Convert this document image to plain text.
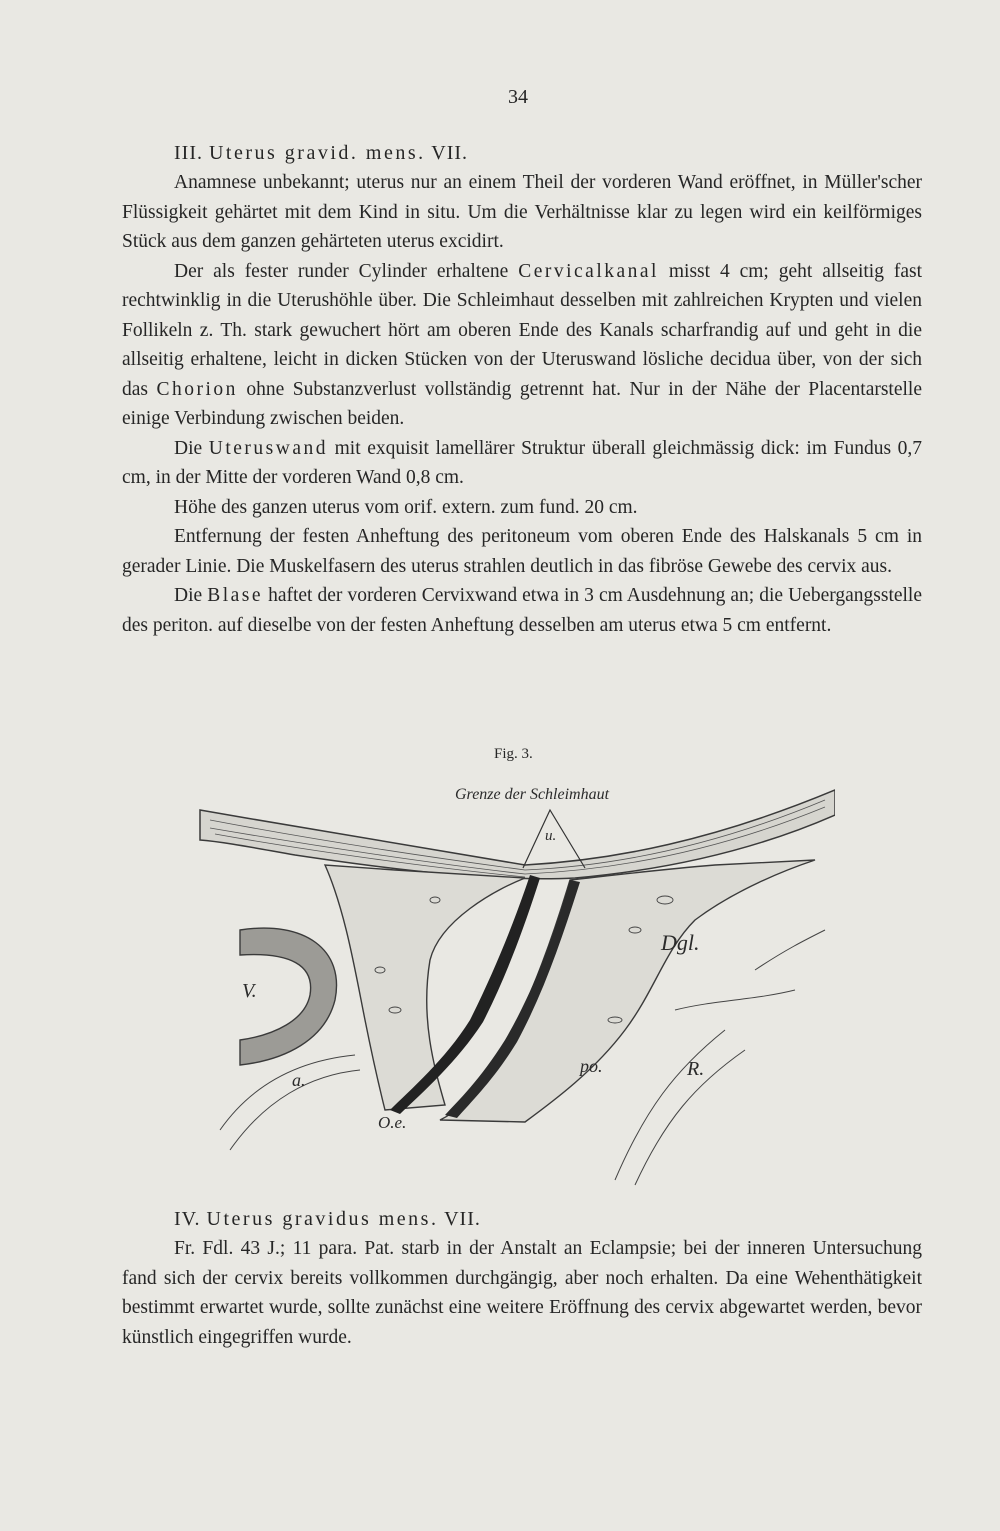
34
III. Uterus gravid. mens. VII.

Anamnese unbekannt; uterus nur an einem Theil der vorderen Wand eröffnet, in Müller'scher Flüssigkeit gehärtet mit dem Kind in situ. Um die Verhältnisse klar zu legen wird ein keilförmiges Stück aus dem ganzen gehärteten uterus excidirt.

Der als fester runder Cylinder erhaltene Cervicalkanal misst 4 cm; geht allseitig fast rechtwinklig in die Uterushöhle über. Die Schleimhaut desselben mit zahlreichen Krypten und vielen Follikeln z. Th. stark gewuchert hört am oberen Ende des Kanals scharfrandig auf und geht in die allseitig erhaltene, leicht in dicken Stücken von der Uteruswand lösliche decidua über, von der sich das Chorion ohne Substanzverlust vollständig getrennt hat. Nur in der Nähe der Placentarstelle einige Verbindung zwischen beiden.

Die Uteruswand mit exquisit lamellärer Struktur überall gleichmässig dick: im Fundus 0,7 cm, in der Mitte der vorderen Wand 0,8 cm.

Höhe des ganzen uterus vom orif. extern. zum fund. 20 cm.

Entfernung der festen Anheftung des peritoneum vom oberen Ende des Halskanals 5 cm in gerader Linie. Die Muskelfasern des uterus strahlen deutlich in das fibröse Gewebe des cervix aus.

Die Blase haftet der vorderen Cervixwand etwa in 3 cm Ausdehnung an; die Uebergangsstelle des periton. auf dieselbe von der festen Anheftung desselben am uterus etwa 5 cm entfernt.

Fig. 3.
Grenze der Schleimhaut
u.
V.
Dgl.
a.
O.e.
po.	R.
IV. Uterus gravidus mens. VII.

Fr. Fdl. 43 J.; 11 para. Pat. starb in der Anstalt an Eclampsie; bei der inneren Untersuchung fand sich der cervix bereits vollkommen durchgängig, aber noch erhalten. Da eine Wehenthätigkeit bestimmt erwartet wurde, sollte zunächst eine weitere Eröffnung des cervix abgewartet werden, bevor künstlich eingegriffen wurde.
